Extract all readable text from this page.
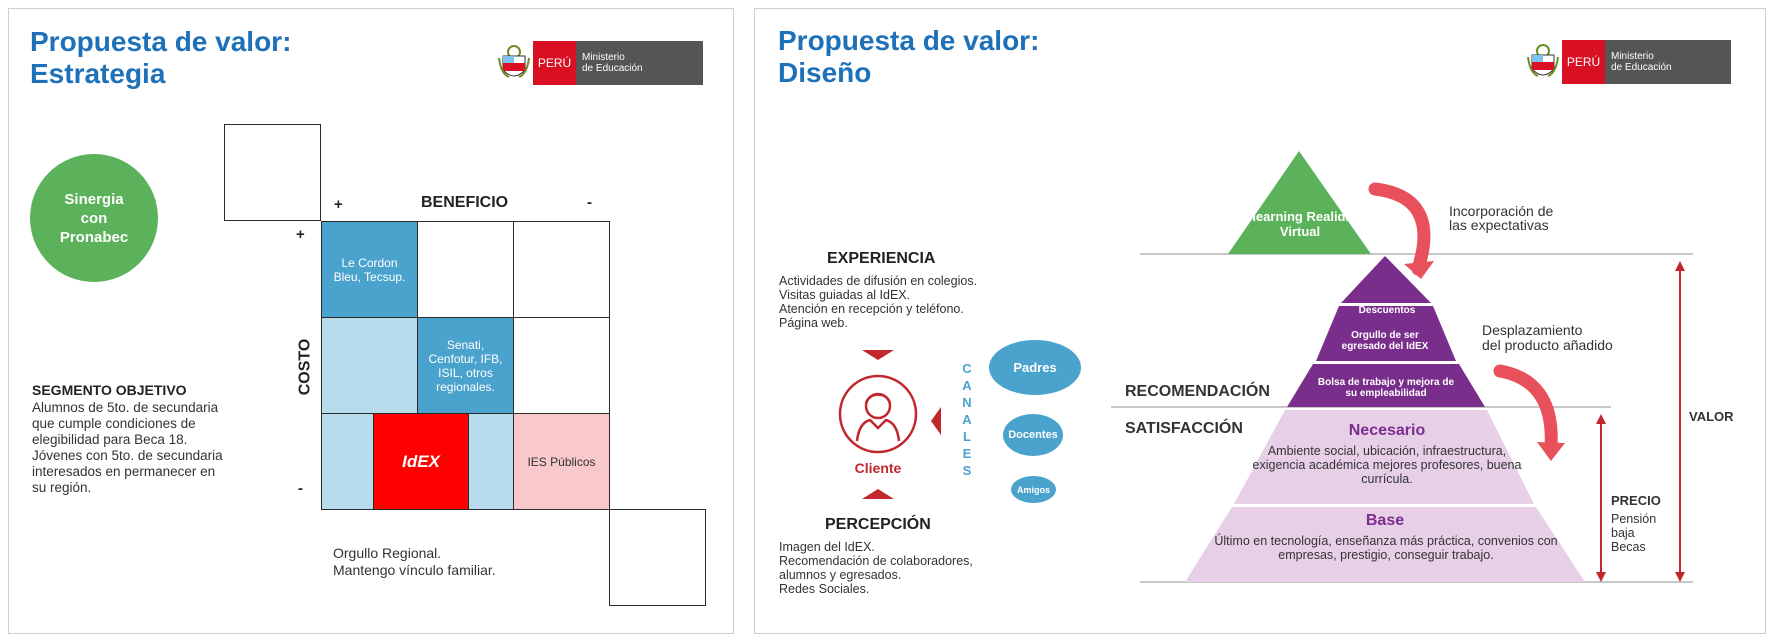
Propuesta de valor:
Estrategia	PERÚ	Ministerio
de Educación
Sinergia con Pronabec
SEGMENTO OBJETIVO
Alumnos de 5to. de secundaria
que cumple condiciones de
elegibilidad para Beca 18.
Jóvenes con 5to. de secundaria
interesados en permanecer en
su región.
+	BENEFICIO	-
+
COSTO
-
Le Cordon Bleu, Tecsup.
Senati, Cenfotur, IFB, ISIL, otros regionales.
IdEX	IES Públicos
Orgullo Regional.
Mantengo vínculo familiar.
Propuesta de valor:
Diseño	PERÚ	Ministerio
de Educación
EXPERIENCIA
Actividades de difusión en colegios.
Visitas guiadas al IdEX.
Atención en recepción y teléfono.
Página web.
Cliente
C
A
N
A
L
E
S
Padres
Docentes
Amigos
PERCEPCIÓN
Imagen del IdEX.
Recomendación de colaboradores,
alumnos y egresados.
Redes Sociales.
E-learning Realidad Virtual
Descuentos
Orgullo de ser egresado del IdEX
Bolsa de trabajo y mejora de su empleabilidad
Necesario
Ambiente social, ubicación, infraestructura, exigencia académica mejores profesores, buena currícula.
Base
Último en tecnología, enseñanza más práctica, convenios con empresas, prestigio, conseguir trabajo.
RECOMENDACIÓN
SATISFACCIÓN
Incorporación de
las expectativas
Desplazamiento
del producto añadido
VALOR
PRECIO
Pensión
baja
Becas
